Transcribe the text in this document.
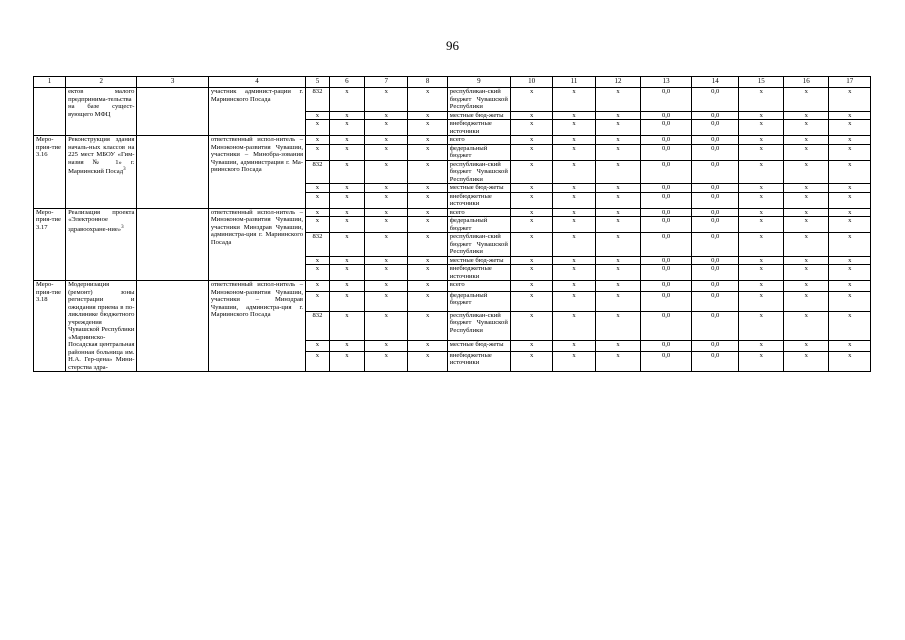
96
1	2	3	4	5	6	7	8	9	10	11	12	13	14	15	16	17
	ектов малого предпринима-тельства на базе сущест-вующего МФЦ		участник админист-рации г. Мариинского Посада	832	x	x	x	республикан-ский бюджет Чувашской Республики	x	x	x	0,0	0,0	x	x	x
				x	x	x	x	местные бюд-жеты	x	x	x	0,0	0,0	x	x	x
				x	x	x	x	внебюджетные источники	x	x	x	0,0	0,0	x	x	x
Меро-прия-тие 3.16	Реконструкция здания началь-ных классов на 225 мест МБОУ «Гим-назия № 1» г. Мариинский Посад$^3$		ответственный испол-нитель – Минэконом-развития Чувашии, участники – Минобра-зования Чувашии, администрация г. Ма-риинского Посада	x	x	x	x	всего	x	x	x	0,0	0,0	x	x	x
				x	x	x	x	федеральный бюджет	x	x	x	0,0	0,0	x	x	x
				832	x	x	x	республикан-ский бюджет Чувашской Республики	x	x	x	0,0	0,0	x	x	x
				x	x	x	x	местные бюд-жеты	x	x	x	0,0	0,0	x	x	x
				x	x	x	x	внебюджетные источники	x	x	x	0,0	0,0	x	x	x
Меро-прия-тие 3.17	Реализация проекта «Электронное здравоохране-ние»$^3$		ответственный испол-нитель – Минэконом-развития Чувашии, участники Минздрав Чувашии, администра-ция г. Мариинского Посада	x	x	x	x	всего	x	x	x	0,0	0,0	x	x	x
				x	x	x	x	федеральный бюджет	x	x	x	0,0	0,0	x	x	x
				832	x	x	x	республикан-ский бюджет Чувашской Республики	x	x	x	0,0	0,0	x	x	x
				x	x	x	x	местные бюд-жеты	x	x	x	0,0	0,0	x	x	x
				x	x	x	x	внебюджетные источники	x	x	x	0,0	0,0	x	x	x
Меро-прия-тие 3.18	Модернизация (ремонт) зоны регистрации и ожидания приема в по-ликлинике бюджетного учреждения Чувашской Республики «Мариинско-Посадская центральная районная больница им. Н.А. Гер-цена» Мини-стерства здра-		ответственный испол-нитель – Минэконом-развития Чувашии, участники – Минздрав Чувашии, администра-ция г. Мариинского Посада	x	x	x	x	всего	x	x	x	0,0	0,0	x	x	x
				x	x	x	x	федеральный бюджет	x	x	x	0,0	0,0	x	x	x
				832	x	x	x	республикан-ский бюджет Чувашской Республики	x	x	x	0,0	0,0	x	x	x
				x	x	x	x	местные бюд-жеты	x	x	x	0,0	0,0	x	x	x
				x	x	x	x	внебюджетные источники	x	x	x	0,0	0,0	x	x	x
